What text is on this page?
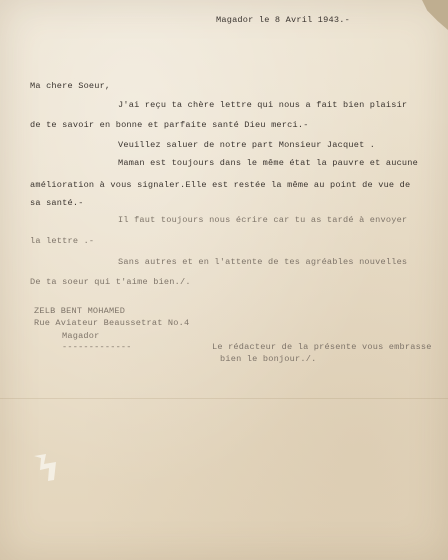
Magador le 8 Avril 1943.-
Ma chere Soeur,
J'ai reçu ta chère lettre qui nous a fait bien plaisir
de te savoir en bonne et parfaite santé Dieu merci.-
Veuillez saluer de notre part Monsieur Jacquet .
Maman est toujours dans le même état la pauvre et aucune
amélioration à vous signaler.Elle est restée la même au point de vue de
sa santé.-
Il faut toujours nous écrire car tu as tardé à envoyer
la lettre .-
Sans autres et en l'attente de tes agréables nouvelles
De ta soeur qui t'aime bien./.
ZELB BENT MOHAMED
Rue Aviateur Beaussetrat No.4
Magador
-------------	Le rédacteur de la présente vous embrasse
bien le bonjour./.
